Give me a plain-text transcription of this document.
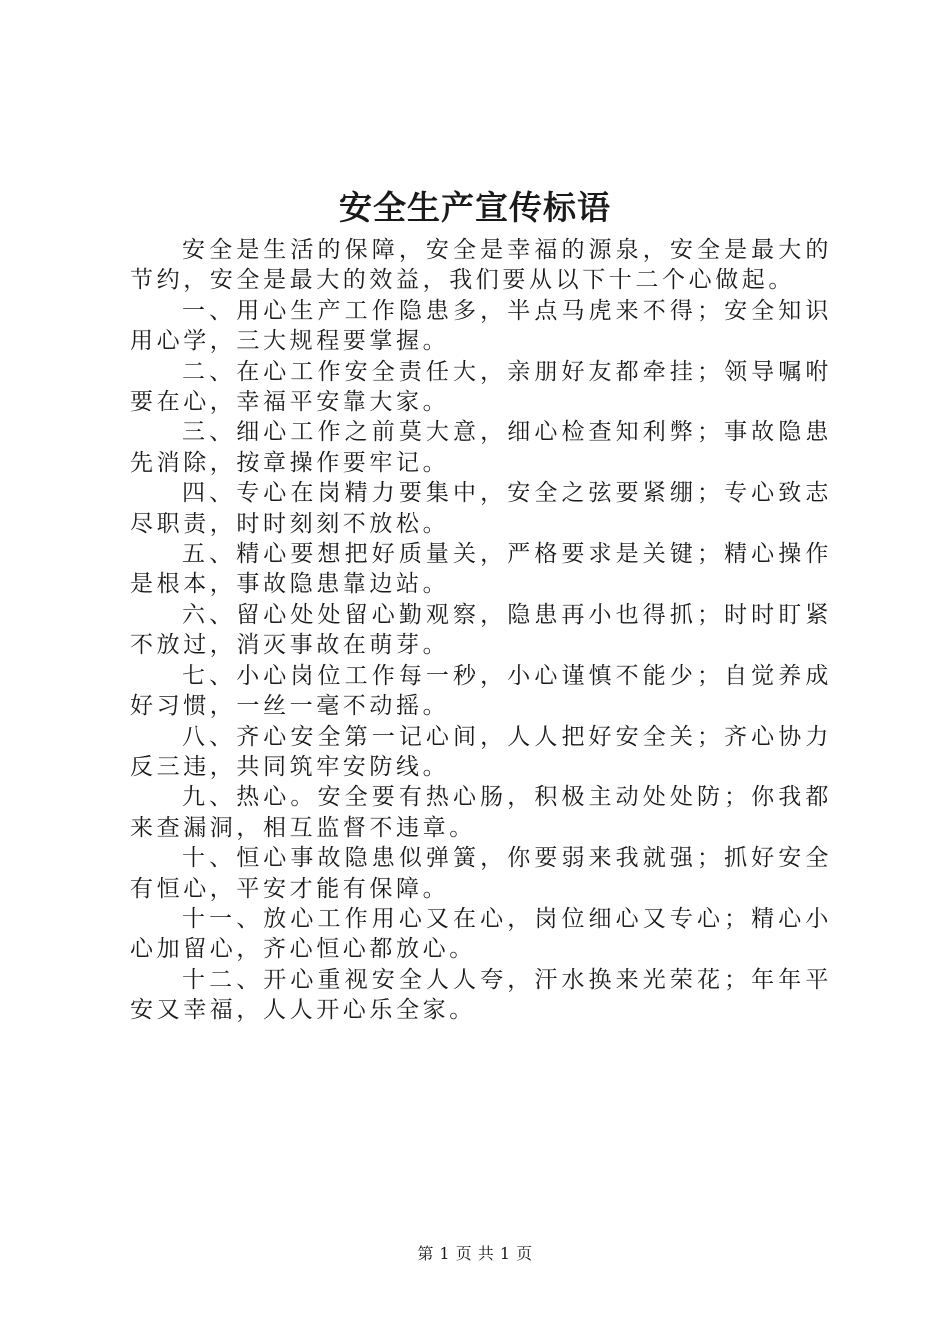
安全生产宣传标语

安全是生活的保障，安全是幸福的源泉，安全是最大的节约，安全是最大的效益，我们要从以下十二个心做起。

一、用心生产工作隐患多，半点马虎来不得；安全知识用心学，三大规程要掌握。

二、在心工作安全责任大，亲朋好友都牵挂；领导嘱咐要在心，幸福平安靠大家。

三、细心工作之前莫大意，细心检查知利弊；事故隐患先消除，按章操作要牢记。

四、专心在岗精力要集中，安全之弦要紧绷；专心致志尽职责，时时刻刻不放松。

五、精心要想把好质量关，严格要求是关键；精心操作是根本，事故隐患靠边站。

六、留心处处留心勤观察，隐患再小也得抓；时时盯紧不放过，消灭事故在萌芽。

七、小心岗位工作每一秒，小心谨慎不能少；自觉养成好习惯，一丝一毫不动摇。

八、齐心安全第一记心间，人人把好安全关；齐心协力反三违，共同筑牢安防线。

九、热心。安全要有热心肠，积极主动处处防；你我都来查漏洞，相互监督不违章。

十、恒心事故隐患似弹簧，你要弱来我就强；抓好安全有恒心，平安才能有保障。

十一、放心工作用心又在心，岗位细心又专心；精心小心加留心，齐心恒心都放心。

十二、开心重视安全人人夸，汗水换来光荣花；年年平安又幸福，人人开心乐全家。

第 1 页 共 1 页
